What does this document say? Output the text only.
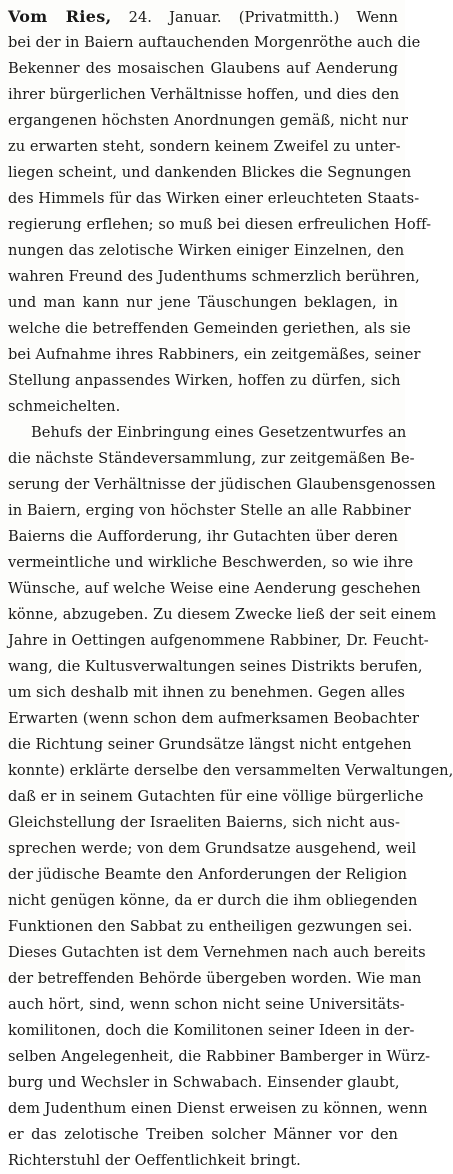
Vom Ries, 24. Januar. (Privatmitth.) Wenn
bei der in Baiern auftauchenden Morgenröthe auch die
Bekenner des mosaischen Glaubens auf Aenderung
ihrer bürgerlichen Verhältnisse hoffen, und dies den
ergangenen höchsten Anordnungen gemäß, nicht nur
zu erwarten steht, sondern keinem Zweifel zu unter-
liegen scheint, und dankenden Blickes die Segnungen
des Himmels für das Wirken einer erleuchteten Staats-
regierung erflehen; so muß bei diesen erfreulichen Hoff-
nungen das zelotische Wirken einiger Einzelnen, den
wahren Freund des Judenthums schmerzlich berühren,
und man kann nur jene Täuschungen beklagen, in
welche die betreffenden Gemeinden geriethen, als sie
bei Aufnahme ihres Rabbiners, ein zeitgemäßes, seiner
Stellung anpassendes Wirken, hoffen zu dürfen, sich
schmeichelten.
Behufs der Einbringung eines Gesetzentwurfes an
die nächste Ständeversammlung, zur zeitgemäßen Be-
serung der Verhältnisse der jüdischen Glaubensgenossen
in Baiern, erging von höchster Stelle an alle Rabbiner
Baierns die Aufforderung, ihr Gutachten über deren
vermeintliche und wirkliche Beschwerden, so wie ihre
Wünsche, auf welche Weise eine Aenderung geschehen
könne, abzugeben. Zu diesem Zwecke ließ der seit einem
Jahre in Oettingen aufgenommene Rabbiner, Dr. Feucht-
wang, die Kultusverwaltungen seines Distrikts berufen,
um sich deshalb mit ihnen zu benehmen. Gegen alles
Erwarten (wenn schon dem aufmerksamen Beobachter
die Richtung seiner Grundsätze längst nicht entgehen
konnte) erklärte derselbe den versammelten Verwaltungen,
daß er in seinem Gutachten für eine völlige bürgerliche
Gleichstellung der Israeliten Baierns, sich nicht aus-
sprechen werde; von dem Grundsatze ausgehend, weil
der jüdische Beamte den Anforderungen der Religion
nicht genügen könne, da er durch die ihm obliegenden
Funktionen den Sabbat zu entheiligen gezwungen sei.
Dieses Gutachten ist dem Vernehmen nach auch bereits
der betreffenden Behörde übergeben worden. Wie man
auch hört, sind, wenn schon nicht seine Universitäts-
komilitonen, doch die Komilitonen seiner Ideen in der-
selben Angelegenheit, die Rabbiner Bamberger in Würz-
burg und Wechsler in Schwabach. Einsender glaubt,
dem Judenthum einen Dienst erweisen zu können, wenn
er das zelotische Treiben solcher Männer vor den
Richterstuhl der Oeffentlichkeit bringt.
